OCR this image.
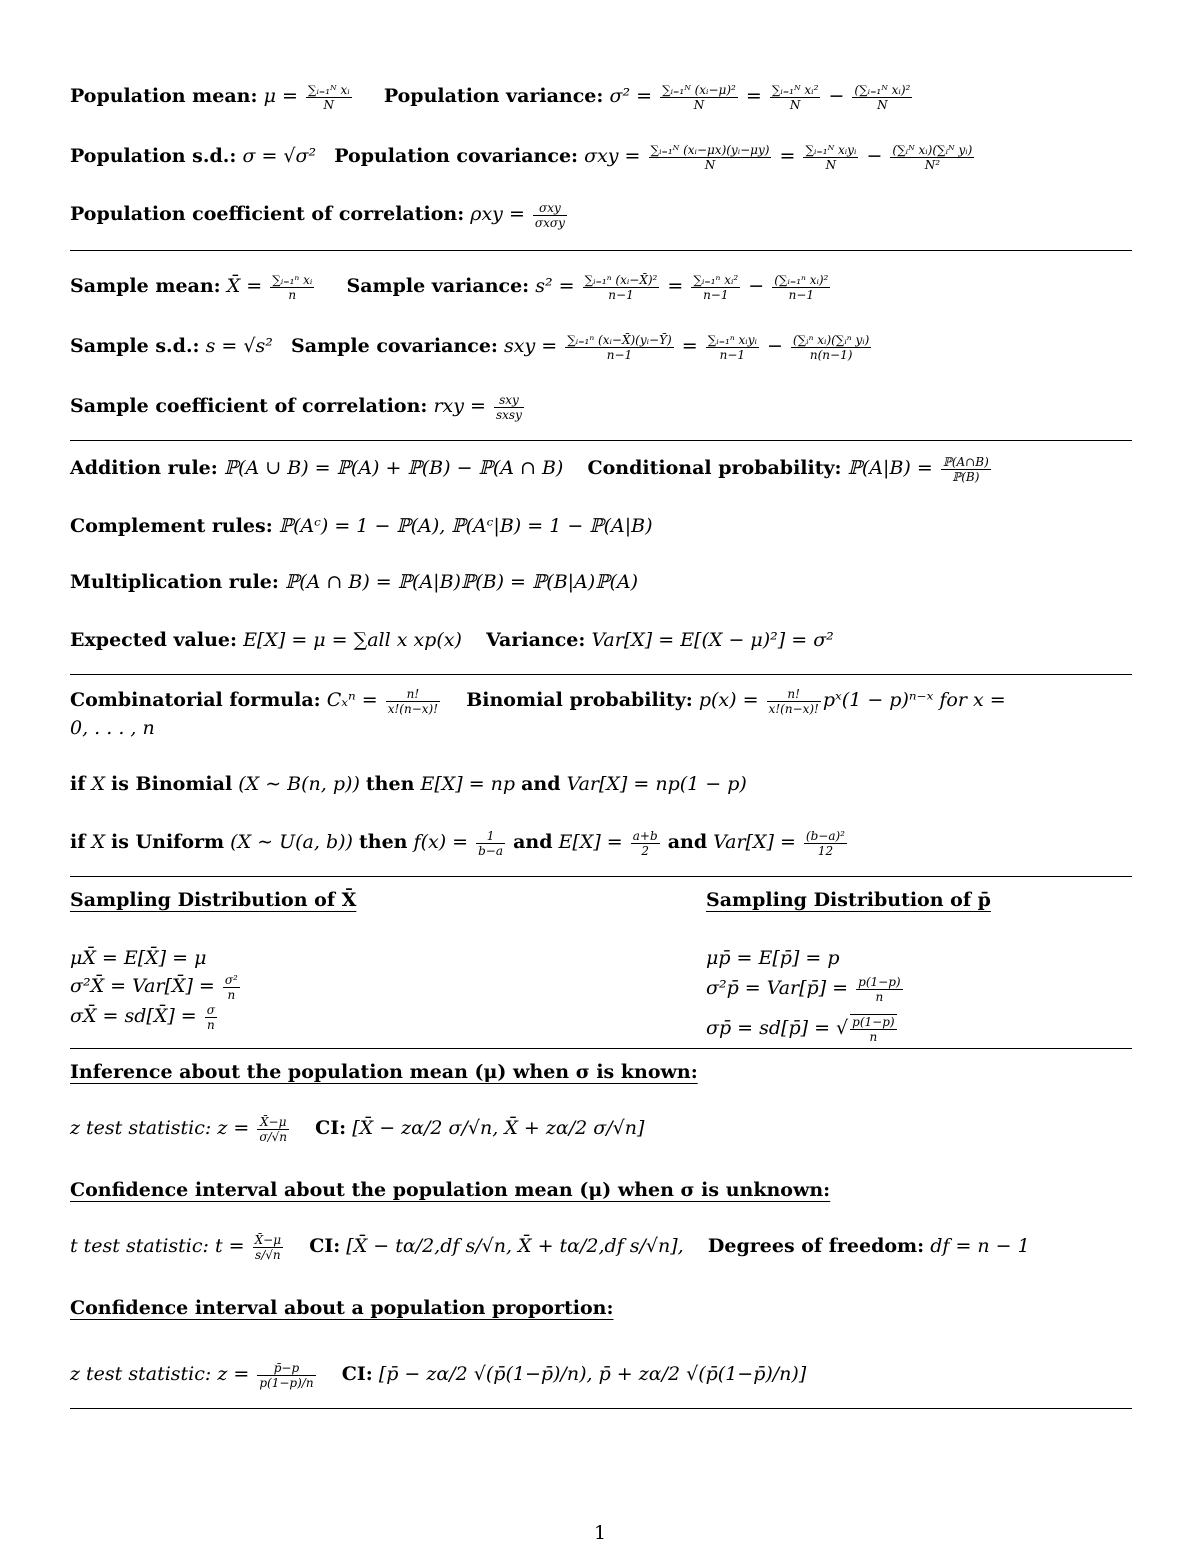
Population mean: $\mu = \frac{\text{∑ᵢ₌₁ᴺ xᵢ}}{N}$ Population variance: $\sigma^2 = \frac{\text{∑ᵢ₌₁ᴺ (xᵢ−μ)²}}{N} = \frac{\text{∑ᵢ₌₁ᴺ xᵢ²}}{N} - \frac{\text{(∑ᵢ₌₁ᴺ xᵢ)²}}{N}$
Population s.d.: σ = √σ² Population covariance: $\sigma xy = \frac{\text{∑ᵢ₌₁ᴺ (xᵢ−μx)(yᵢ−μy)}}{N} = \frac{\text{∑ᵢ₌₁ᴺ xᵢyᵢ}}{N} - \frac{\text{(∑ᵢᴺ xᵢ)(∑ᵢᴺ yᵢ)}}{\text{N²}}$
Population coefficient of correlation: $\rho xy = \frac{\text{σxy}}{\text{σxσy}}$
Sample mean: X̄ = $\frac{\text{∑ᵢ₌₁ⁿ xᵢ}}{n}$ Sample variance: $s^2 = \frac{\text{∑ᵢ₌₁ⁿ (xᵢ−X̄)²}}{n-1} = \frac{\text{∑ᵢ₌₁ⁿ xᵢ²}}{n-1} - \frac{\text{(∑ᵢ₌₁ⁿ xᵢ)²}}{n-1}$
Sample s.d.: s = √s² Sample covariance: sxy = $\frac{\text{∑ᵢ₌₁ⁿ (xᵢ−X̄)(yᵢ−Ȳ)}}{n-1} = \frac{\text{∑ᵢ₌₁ⁿ xᵢyᵢ}}{n-1} - \frac{\text{(∑ᵢⁿ xᵢ)(∑ᵢⁿ yᵢ)}}{n(n-1)}$
Sample coefficient of correlation: rxy = $\frac{\text{sxy}}{\text{sxsy}}$
Addition rule: ℙ(A ∪ B) = ℙ(A) + ℙ(B) − ℙ(A ∩ B) Conditional probability: ℙ(A|B) = $\frac{\text{ℙ(A∩B)}}{\text{ℙ(B)}}$
Complement rules: ℙ(Aᶜ) = 1 − ℙ(A), ℙ(Aᶜ|B) = 1 − ℙ(A|B)
Multiplication rule: ℙ(A ∩ B) = ℙ(A|B)ℙ(B) = ℙ(B|A)ℙ(A)
Expected value: E[X] = μ = ∑all x xp(x) Variance: Var[X] = E[(X − μ)²] = σ²
Combinatorial formula: $C_x^n = \frac{n!}{x!(n-x)!}$ Binomial probability: $p(x) = \frac{n!}{x!(n-x)!}$ pˣ(1 − p)ⁿ⁻ˣ for x =
0, . . . , n
if X is Binomial (X ∼ B(n, p)) then E[X] = np and Var[X] = np(1 − p)
if X is Uniform (X ∼ U(a, b)) then $f(x) = \frac{1}{b-a}$ and $E[X] = \frac{a+b}{2}$ and $Var[X] = \frac{\text{(b−a)²}}{12}$
Sampling Distribution of X̄	Sampling Distribution of p̄
μX̄ = E[X̄] = μ
σ²X̄ = Var[X̄] = $\frac{\text{σ²}}{n}$
σX̄ = sd[X̄] = $\frac{\sigma}{n}$
μp̄ = E[p̄] = p
σ²p̄ = Var[p̄] = $\frac{p(1-p)}{n}$
σp̄ = sd[p̄] = √ $\frac{p(1-p)}{n}$
Inference about the population mean (μ) when σ is known:
z test statistic: $z = \frac{X̄-\mu}{\sigma/√n}$ CI: [X̄ − zα/2 σ/√n, X̄ + zα/2 σ/√n]
Confidence interval about the population mean (μ) when σ is unknown:
t test statistic: $t = \frac{X̄-\mu}{s/√n}$ CI: [X̄ − tα/2,df s/√n, X̄ + tα/2,df s/√n], Degrees of freedom: df = n − 1
Confidence interval about a population proportion:
z test statistic: $z = \frac{p̄-p}{p(1-p)/n}$ CI: [p̄ − zα/2 √(p̄(1−p̄)/n), p̄ + zα/2 √(p̄(1−p̄)/n)]
1
